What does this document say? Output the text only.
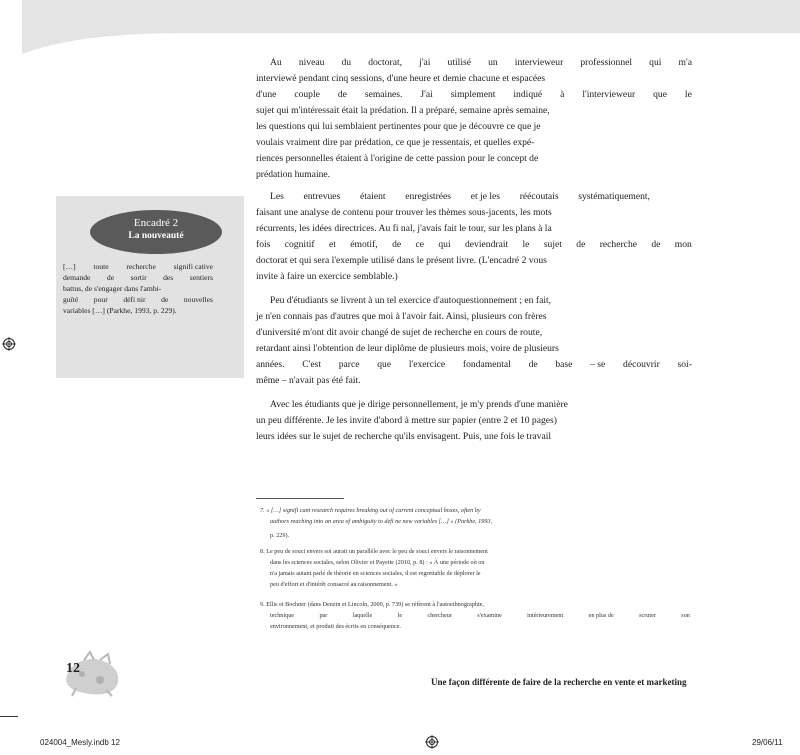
Au niveau du doctorat, j'ai utilisé un intervieweur professionnel qui m'a
interviewé pendant cinq sessions, d'une heure et demie chacune et espacées
d'une couple de semaines. J'ai simplement indiqué à l'intervieweur que le
sujet qui m'intéressait était la prédation. Il a préparé, semaine après semaine,
les questions qui lui semblaient pertinentes pour que je découvre ce que je
voulais vraiment dire par prédation, ce que je ressentais, et quelles expé-
riences personnelles étaient à l'origine de cette passion pour le concept de
prédation humaine.
Les entrevues étaient enregistrées et je les réécoutais systématiquement,
faisant une analyse de contenu pour trouver les thèmes sous-jacents, les mots
récurrents, les idées directrices. Au fi nal, j'avais fait le tour, sur les plans à la
fois cognitif et émotif, de ce qui deviendrait le sujet de recherche de mon
doctorat et qui sera l'exemple utilisé dans le présent livre. (L'encadré 2 vous
invite à faire un exercice semblable.)
Peu d'étudiants se livrent à un tel exercice d'autoquestionnement ; en fait,
je n'en connais pas d'autres que moi à l'avoir fait. Ainsi, plusieurs con frères
d'université m'ont dit avoir changé de sujet de recherche en cours de route,
retardant ainsi l'obtention de leur diplôme de plusieurs mois, voire de plusieurs
années. C'est parce que l'exercice fondamental de base – se découvrir soi-
même – n'avait pas été fait.
Avec les étudiants que je dirige personnellement, je m'y prends d'une manière
un peu différente. Je les invite d'abord à mettre sur papier (entre 2 et 10 pages)
leurs idées sur le sujet de recherche qu'ils envisagent. Puis, une fois le travail
Encadré 2
La nouveauté
[…] toute recherche signifi cative
demande de sortir des sentiers
battus, de s'engager dans l'ambi-
guïté pour défi nir de nouvelles
variables […] (Parkhe, 1993, p. 229).
7. « […] signifi cant research requires breaking out of current conceptual boxes, often by
authors reaching into an area of ambiguity to defi ne new variables […] » (Parkhe, 1993,
p. 229).
8. Le peu de souci envers soi aurait un parallèle avec le peu de souci envers le raisonnement
dans les sciences sociales, selon Olivier et Payette (2010, p. 8) : « À une période où on
n'a jamais autant parlé de théorie en sciences sociales, il est regrettable de déplorer le
peu d'effort et d'intérêt consacré au raisonnement. »
9. Ellis et Bochner (dans Denzin et Lincoln, 2000, p. 739) se réfèrent à l'autoethnographie,
technique	par	laquelle	le	chercheur	s'examine	intérieurement	en plus de	scruter	son
environnement, et produit des écrits en conséquence.
12
Une façon différente de faire de la recherche en vente et marketing
024004_Mesly.indb 12	29/06/11
